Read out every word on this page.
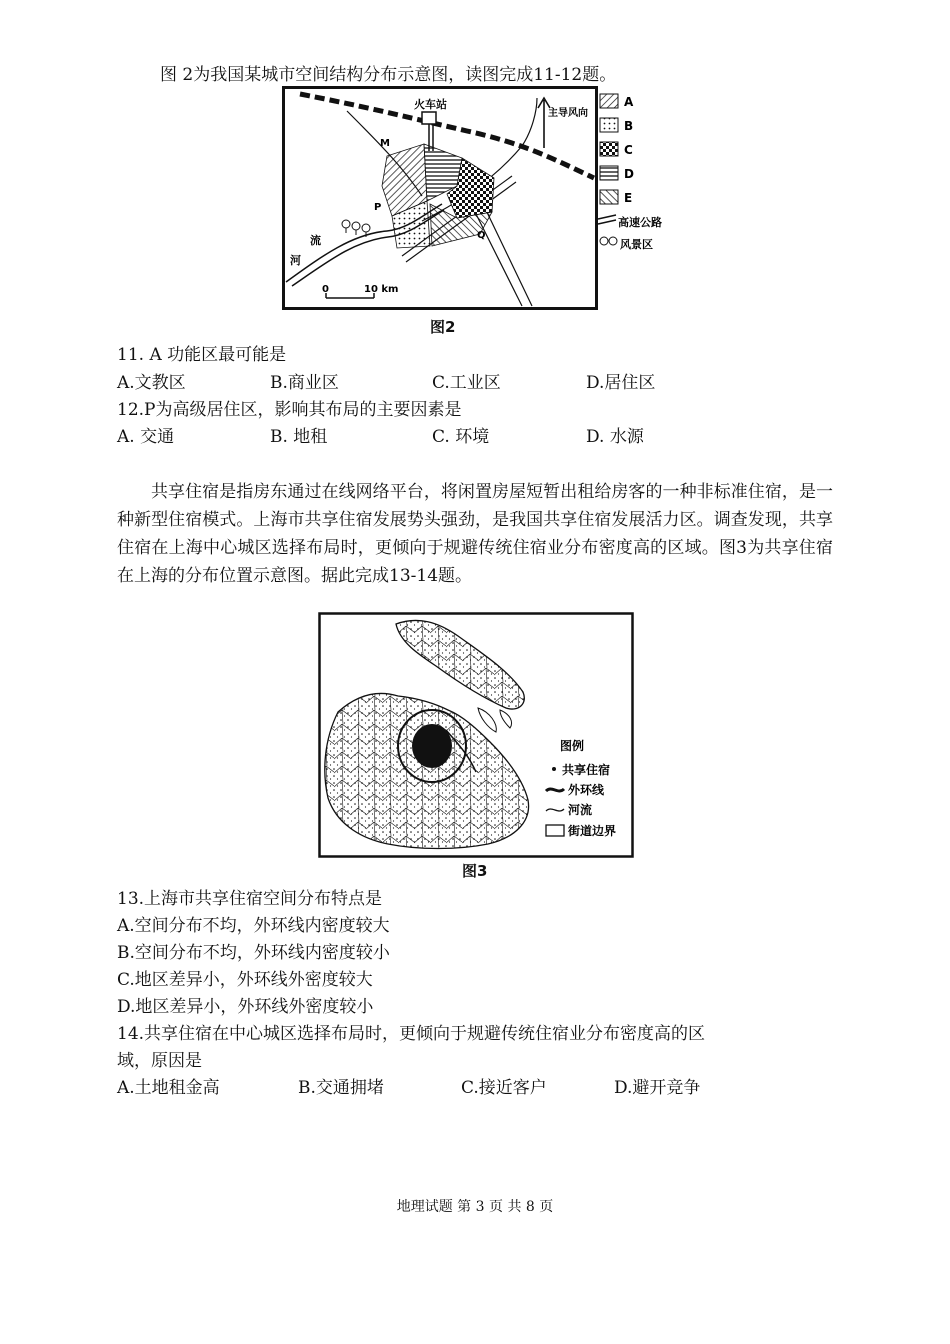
图 2为我国某城市空间结构分布示意图，读图完成11-12题。
火车站
主导风向
M
P
Q
河
流
0	10 km
A
B
C
D
E
高速公路
风景区
图2
11. A 功能区最可能是
A.文教区	B.商业区	C.工业区	D.居住区
12.P为高级居住区，影响其布局的主要因素是
A. 交通	B. 地租	C. 环境	D. 水源

共享住宿是指房东通过在线网络平台，将闲置房屋短暂出租给房客的一种非标准住宿，是一种新型住宿模式。上海市共享住宿发展势头强劲，是我国共享住宿发展活力区。调查发现，共享住宿在上海中心城区选择布局时，更倾向于规避传统住宿业分布密度高的区域。图3为共享住宿在上海的分布位置示意图。据此完成13-14题。

图例
共享住宿
外环线
河流
街道边界
图3
13.上海市共享住宿空间分布特点是
A.空间分布不均，外环线内密度较大
B.空间分布不均，外环线内密度较小
C.地区差异小，外环线外密度较大
D.地区差异小，外环线外密度较小
14.共享住宿在中心城区选择布局时，更倾向于规避传统住宿业分布密度高的区
域，原因是
A.土地租金高	B.交通拥堵	C.接近客户	D.避开竞争
地理试题 第 3 页 共 8 页
